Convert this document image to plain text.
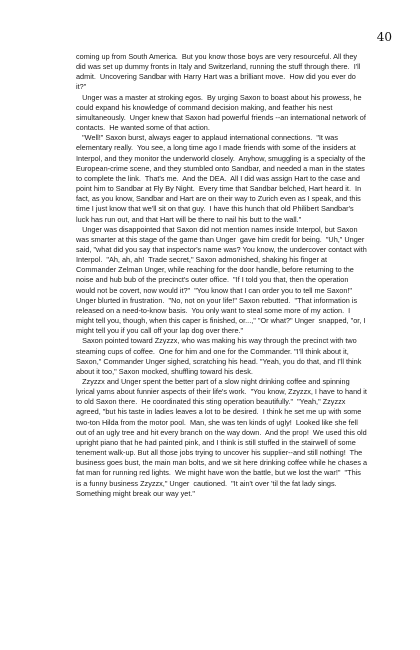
40

coming up from South America.  But you know those boys are very resourceful. All they did was set up dummy fronts in Italy and Switzerland, running the stuff through there.  I'll admit.  Uncovering Sandbar with Harry Hart was a brilliant move.  How did you ever do it?"

Unger was a master at stroking egos.  By urging Saxon to boast about his prowess, he could expand his knowledge of command decision making, and feather his nest simultaneously.  Unger knew that Saxon had powerful friends --an international network of contacts.  He wanted some of that action.

"Well!" Saxon burst, always eager to applaud international connections.  "It was elementary really.  You see, a long time ago I made friends with some of the insiders at Interpol, and they monitor the underworld closely.  Anyhow, smuggling is a specialty of the European-crime scene, and they stumbled onto Sandbar, and needed a man in the states to complete the link.  That's me.  And the DEA.  All I did was assign Hart to the case and point him to Sandbar at Fly By Night.  Every time that Sandbar belched, Hart heard it.  In fact, as you know, Sandbar and Hart are on their way to Zurich even as I speak, and this time I just know that we'll sit on that guy.  I have this hunch that old Philibert Sandbar's luck has run out, and that Hart will be there to nail his butt to the wall."

Unger was disappointed that Saxon did not mention names inside Interpol, but Saxon was smarter at this stage of the game than Unger  gave him credit for being.  "Uh," Unger said, "what did you say that inspector's name was? You know, the undercover contact with Interpol.  "Ah, ah, ah!  Trade secret," Saxon admonished, shaking his finger at Commander Zelman Unger, while reaching for the door handle, before returning to the noise and hub bub of the precinct's outer office.  "If I told you that, then the operation would not be covert, now would it?"  "You know that I can order you to tell me Saxon!" Unger blurted in frustration.  "No, not on your life!" Saxon rebutted.  "That information is released on a need-to-know basis.  You only want to steal some more of my action.  I might tell you, though, when this caper is finished, or...," "Or what?" Unger  snapped, "or, I might tell you if you call off your lap dog over there."

Saxon pointed toward Zzyzzx, who was making his way through the precinct with two steaming cups of coffee.  One for him and one for the Commander. "I'll think about it, Saxon," Commander Unger sighed, scratching his head. "Yeah, you do that, and I'll think about it too," Saxon mocked, shuffling toward his desk.

Zzyzzx and Unger spent the better part of a slow night drinking coffee and spinning lyrical yarns about funnier aspects of their life's work.  "You know, Zzyzzx, I have to hand it to old Saxon there.  He coordinated this sting operation beautifully."  "Yeah," Zzyzzx agreed, "but his taste in ladies leaves a lot to be desired.  I think he set me up with some two-ton Hilda from the motor pool.  Man, she was ten kinds of ugly!  Looked like she fell out of an ugly tree and hit every branch on the way down.  And the prop!  We used this old upright piano that he had painted pink, and I think is still stuffed in the stairwell of some tenement walk-up. But all those jobs trying to uncover his supplier--and still nothing!  The business goes bust, the main man bolts, and we sit here drinking coffee while he chases a fat man for running red lights.  We might have won the battle, but we lost the war!"  "This is a funny business Zzyzzx," Unger  cautioned.  "It ain't over 'til the fat lady sings.  Something might break our way yet."
